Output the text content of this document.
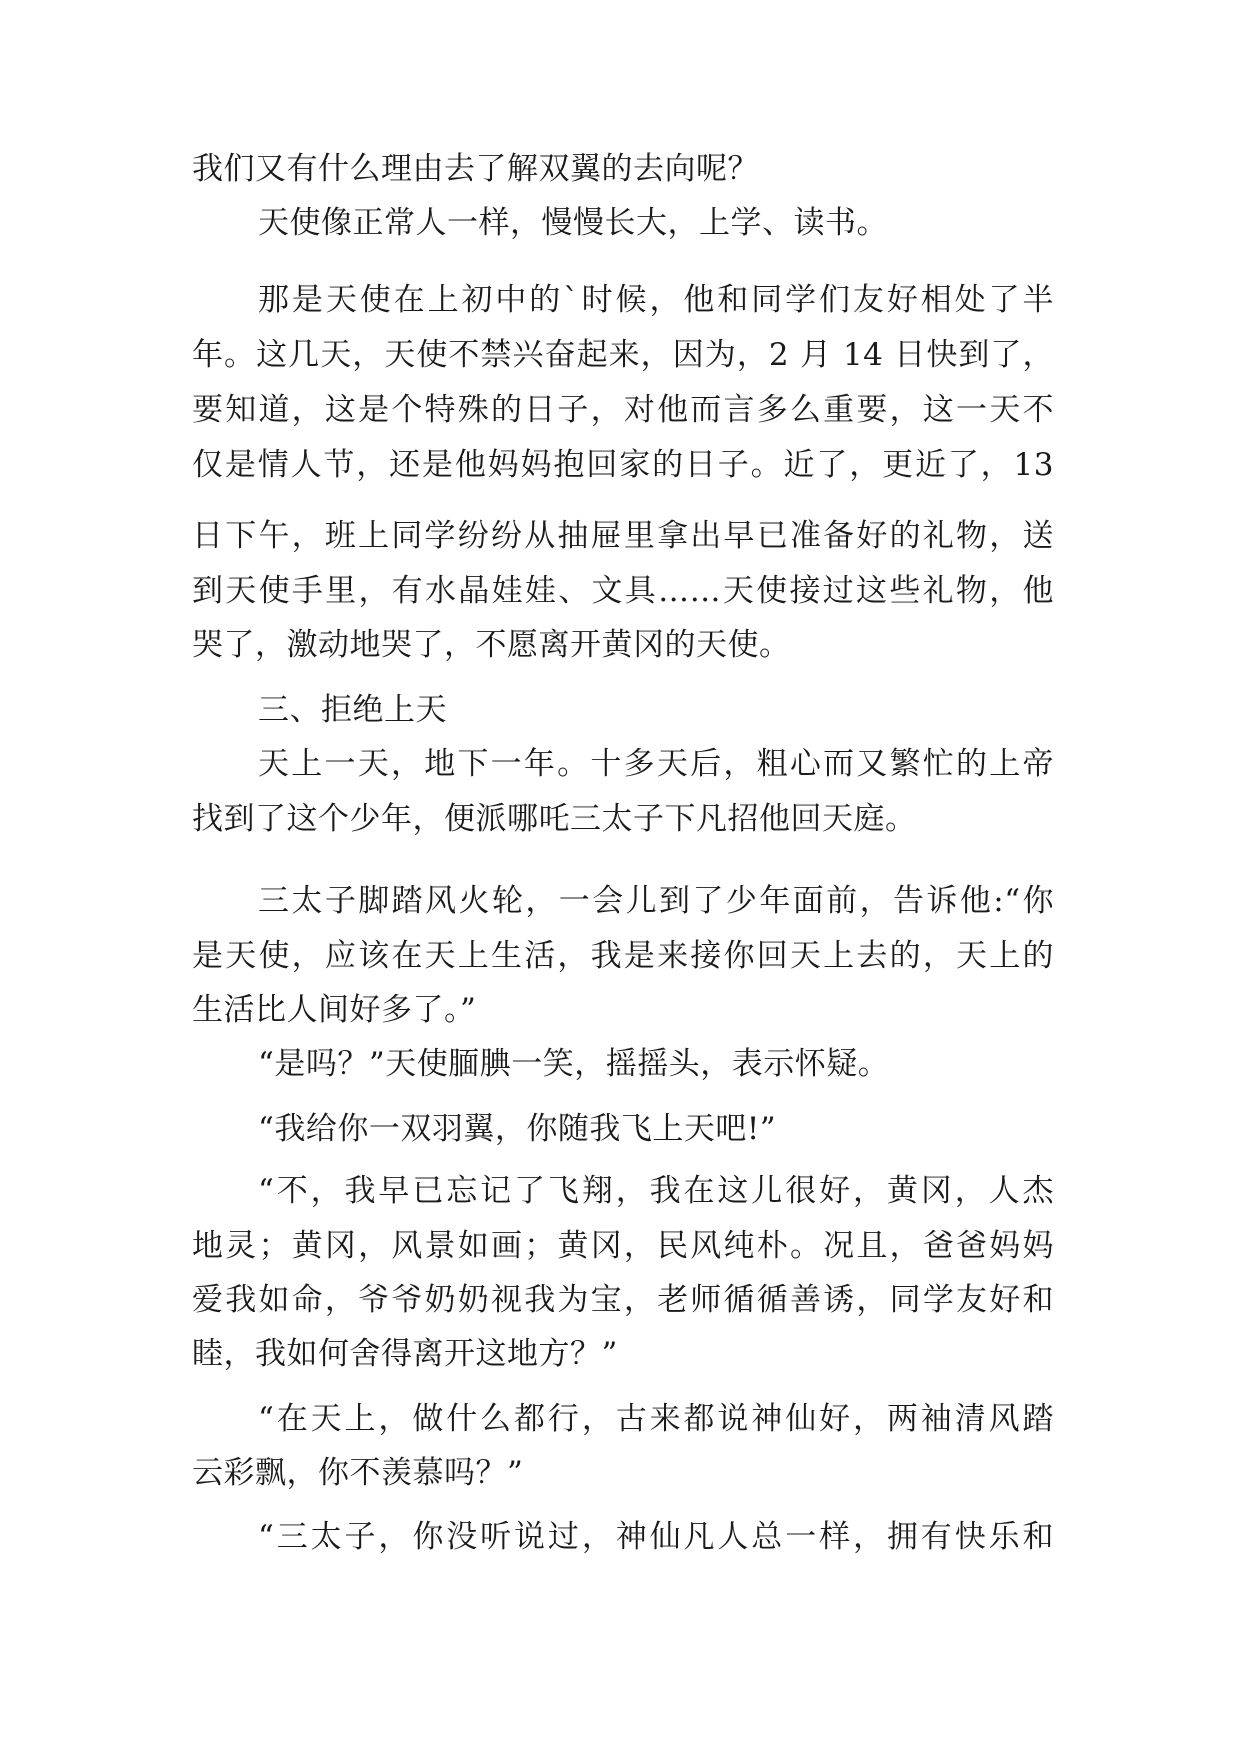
我们又有什么理由去了解双翼的去向呢？
天使像正常人一样，慢慢长大，上学、读书。
那是天使在上初中的`时候，他和同学们友好相处了半
年。这几天，天使不禁兴奋起来，因为，2 月 14 日快到了，
要知道，这是个特殊的日子，对他而言多么重要，这一天不
仅是情人节，还是他妈妈抱回家的日子。近了，更近了，13
日下午，班上同学纷纷从抽屉里拿出早已准备好的礼物，送
到天使手里，有水晶娃娃、文具……天使接过这些礼物，他
哭了，激动地哭了，不愿离开黄冈的天使。
三、拒绝上天
天上一天，地下一年。十多天后，粗心而又繁忙的上帝
找到了这个少年，便派哪吒三太子下凡招他回天庭。
三太子脚踏风火轮，一会儿到了少年面前，告诉他:“你
是天使，应该在天上生活，我是来接你回天上去的，天上的
生活比人间好多了。”
“是吗？”天使腼腆一笑，摇摇头，表示怀疑。
“我给你一双羽翼，你随我飞上天吧!”
“不，我早已忘记了飞翔，我在这儿很好，黄冈，人杰
地灵；黄冈，风景如画；黄冈，民风纯朴。况且，爸爸妈妈
爱我如命，爷爷奶奶视我为宝，老师循循善诱，同学友好和
睦，我如何舍得离开这地方？”
“在天上，做什么都行，古来都说神仙好，两袖清风踏
云彩飘，你不羡慕吗？”
“三太子，你没听说过，神仙凡人总一样，拥有快乐和
